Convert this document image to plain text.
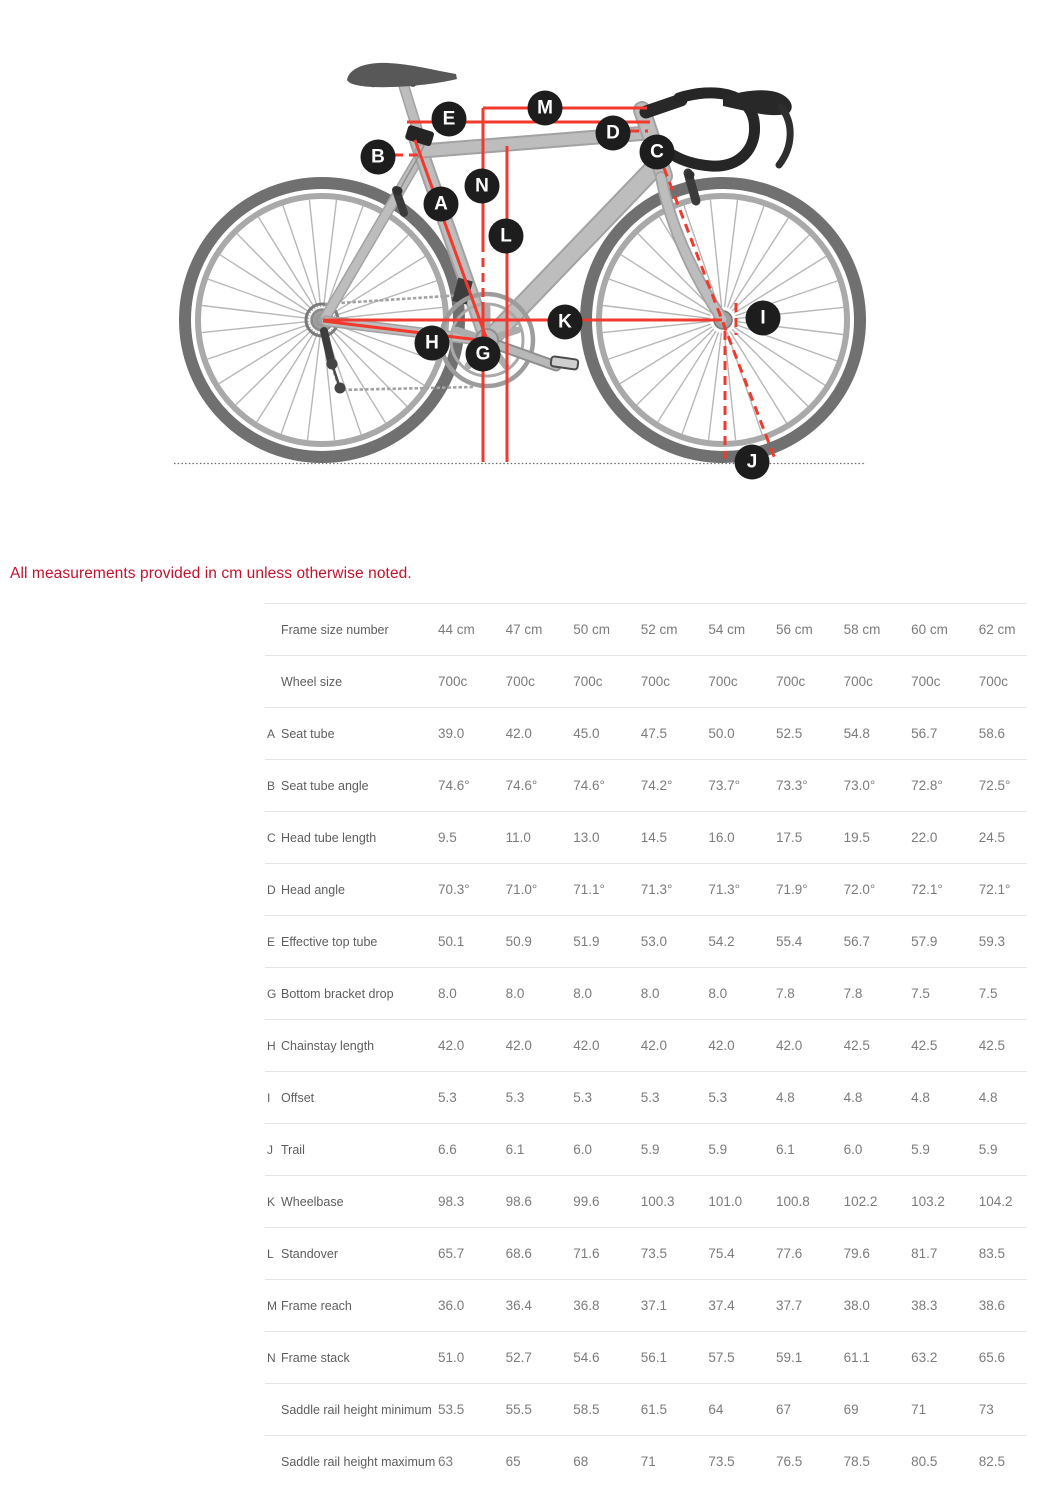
A
B	C
D
E
G
H
I
J
K
L
M
N
All measurements provided in cm unless otherwise noted.
Frame size number	44 cm	47 cm	50 cm	52 cm	54 cm	56 cm	58 cm	60 cm	62 cm
Wheel size	700c	700c	700c	700c	700c	700c	700c	700c	700c
A Seat tube	39.0	42.0	45.0	47.5	50.0	52.5	54.8	56.7	58.6
B Seat tube angle	74.6°	74.6°	74.6°	74.2°	73.7°	73.3°	73.0°	72.8°	72.5°
C Head tube length	9.5	11.0	13.0	14.5	16.0	17.5	19.5	22.0	24.5
D Head angle	70.3°	71.0°	71.1°	71.3°	71.3°	71.9°	72.0°	72.1°	72.1°
E Effective top tube	50.1	50.9	51.9	53.0	54.2	55.4	56.7	57.9	59.3
G Bottom bracket drop	8.0	8.0	8.0	8.0	8.0	7.8	7.8	7.5	7.5
H Chainstay length	42.0	42.0	42.0	42.0	42.0	42.0	42.5	42.5	42.5
I Offset	5.3	5.3	5.3	5.3	5.3	4.8	4.8	4.8	4.8
J Trail	6.6	6.1	6.0	5.9	5.9	6.1	6.0	5.9	5.9
K Wheelbase	98.3	98.6	99.6	100.3	101.0	100.8	102.2	103.2	104.2
L Standover	65.7	68.6	71.6	73.5	75.4	77.6	79.6	81.7	83.5
M Frame reach	36.0	36.4	36.8	37.1	37.4	37.7	38.0	38.3	38.6
N Frame stack	51.0	52.7	54.6	56.1	57.5	59.1	61.1	63.2	65.6
Saddle rail height minimum 53.5	55.5	58.5	61.5	64	67	69	71	73
Saddle rail height maximum 63	65	68	71	73.5	76.5	78.5	80.5	82.5
